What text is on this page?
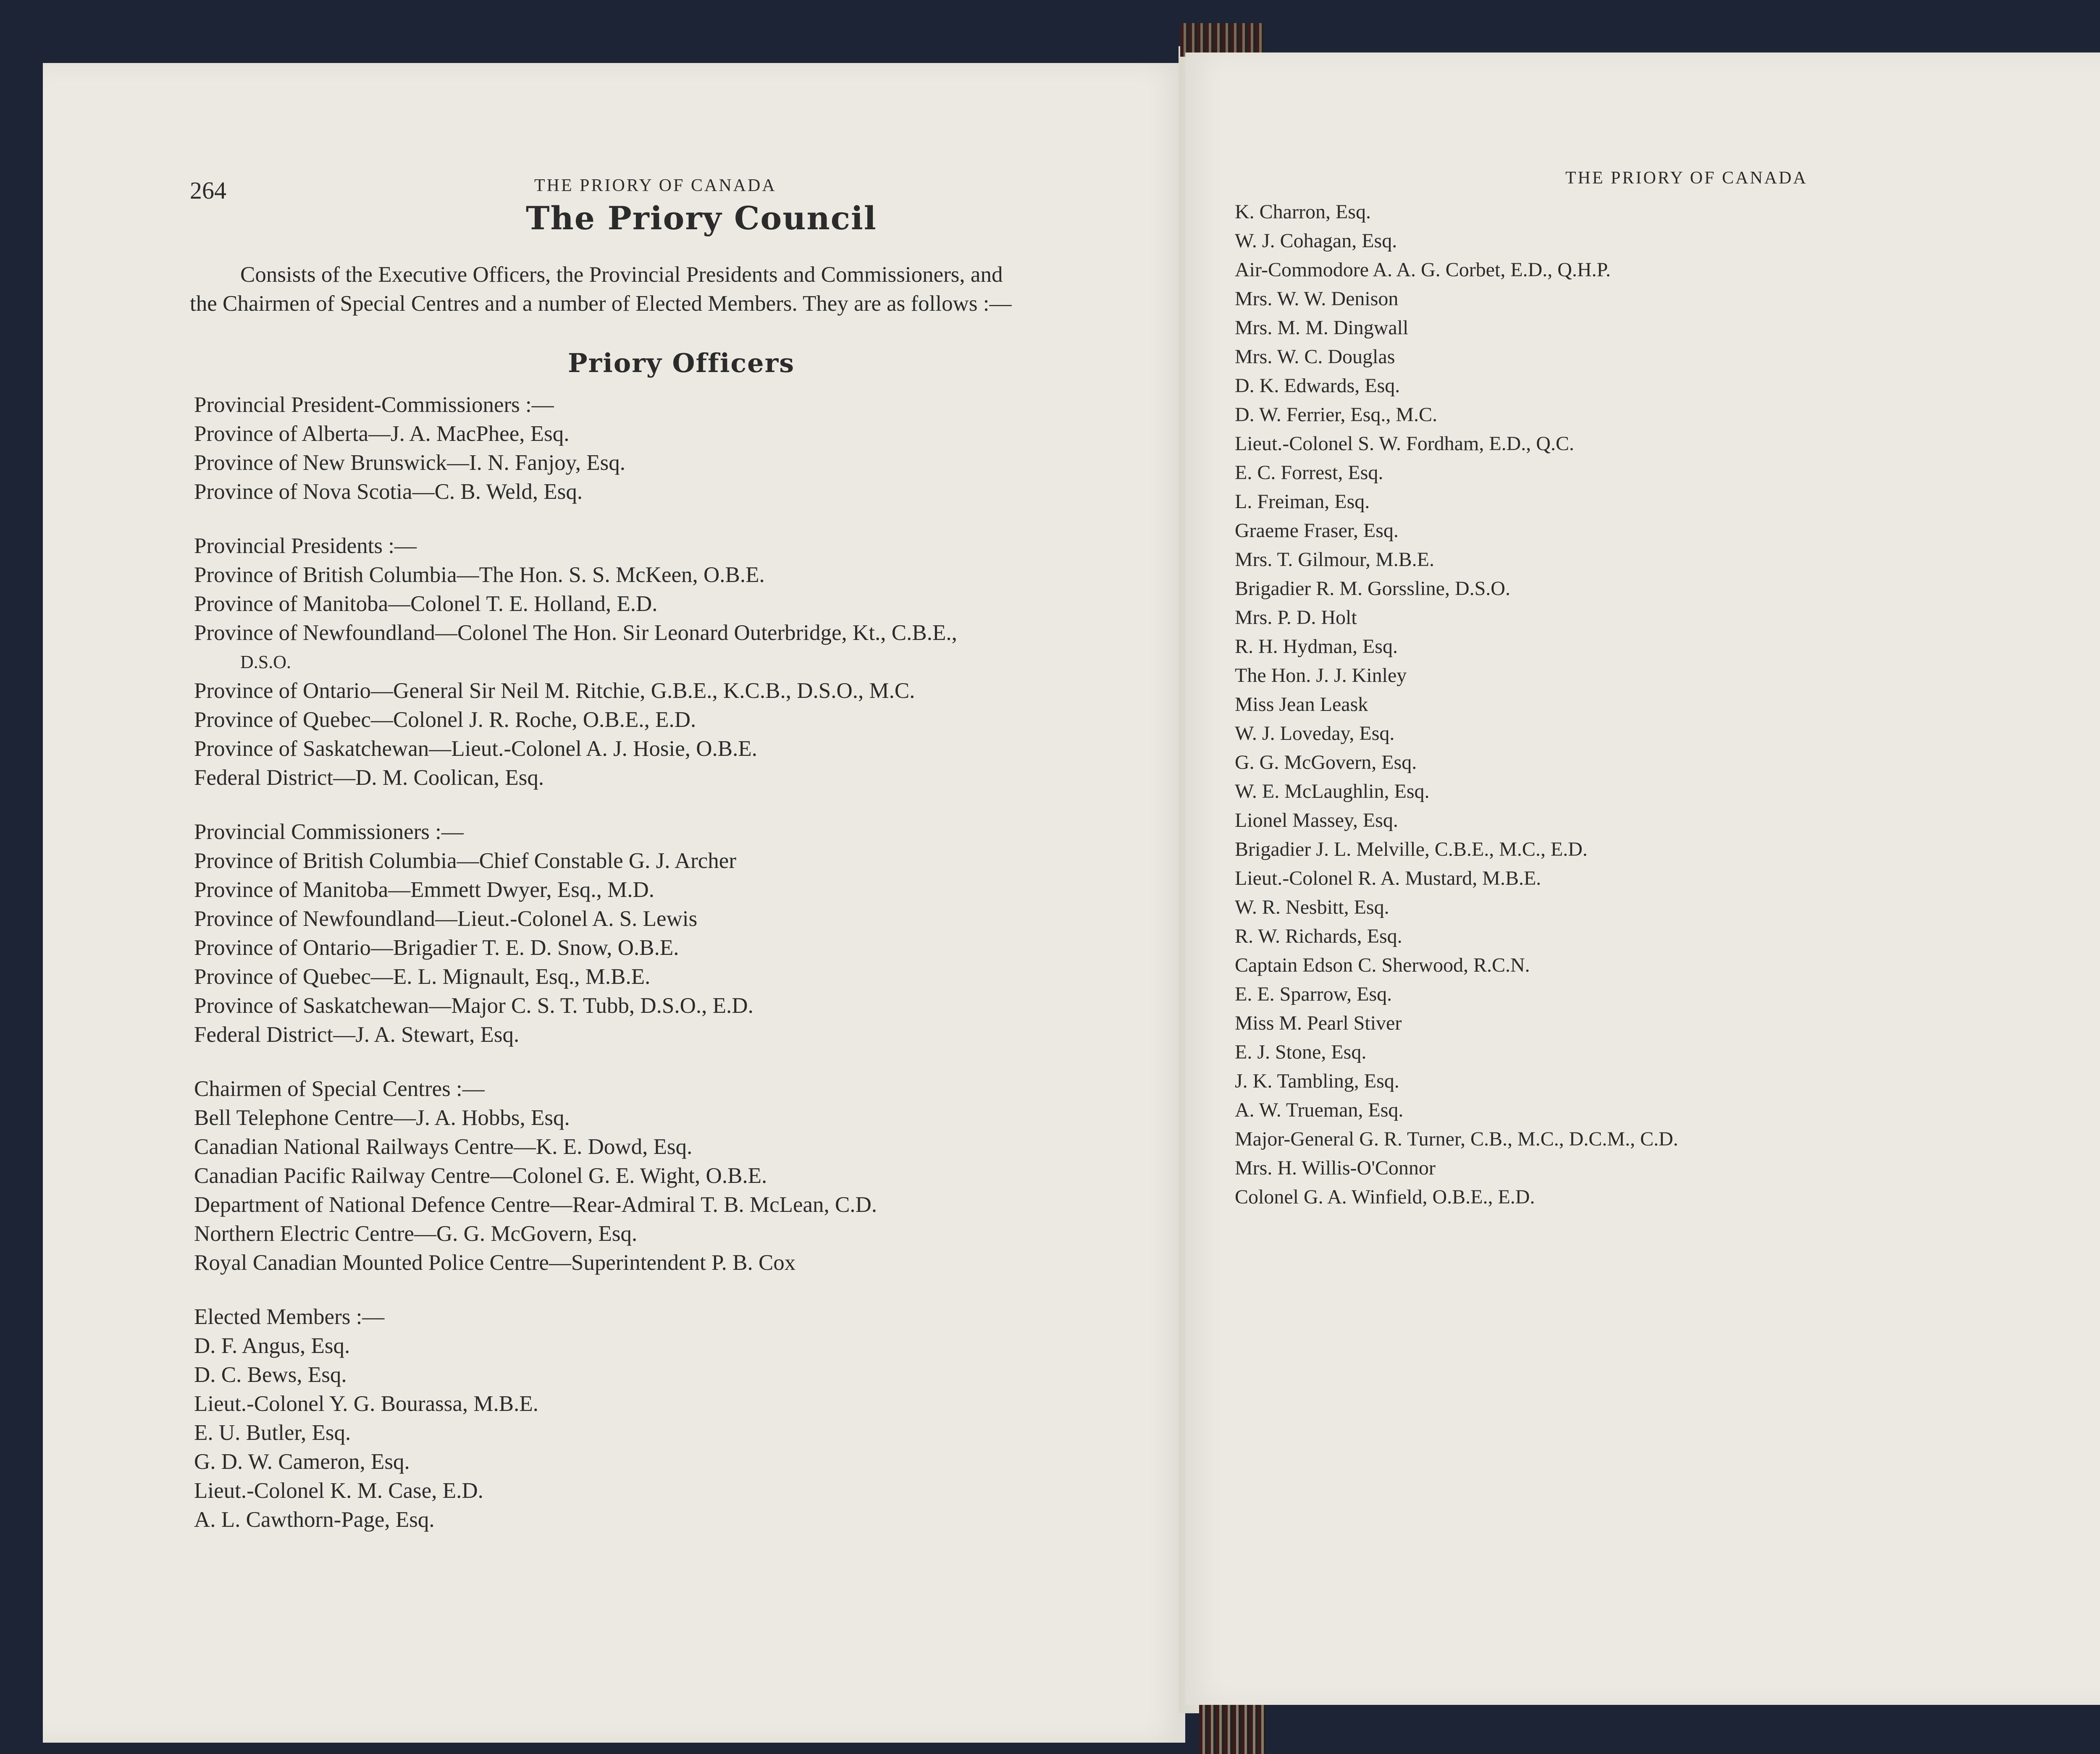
264	THE PRIORY OF CANADA
The Priory Council
Consists of the Executive Officers, the Provincial Presidents and Commissioners, and
the Chairmen of Special Centres and a number of Elected Members. They are as follows :—
Priory Officers
Provincial President-Commissioners :—
Province of Alberta—J. A. MacPhee, Esq.
Province of New Brunswick—I. N. Fanjoy, Esq.
Province of Nova Scotia—C. B. Weld, Esq.
Provincial Presidents :—
Province of British Columbia—The Hon. S. S. McKeen, O.B.E.
Province of Manitoba—Colonel T. E. Holland, E.D.
Province of Newfoundland—Colonel The Hon. Sir Leonard Outerbridge, Kt., C.B.E.,
D.S.O.
Province of Ontario—General Sir Neil M. Ritchie, G.B.E., K.C.B., D.S.O., M.C.
Province of Quebec—Colonel J. R. Roche, O.B.E., E.D.
Province of Saskatchewan—Lieut.-Colonel A. J. Hosie, O.B.E.
Federal District—D. M. Coolican, Esq.
Provincial Commissioners :—
Province of British Columbia—Chief Constable G. J. Archer
Province of Manitoba—Emmett Dwyer, Esq., M.D.
Province of Newfoundland—Lieut.-Colonel A. S. Lewis
Province of Ontario—Brigadier T. E. D. Snow, O.B.E.
Province of Quebec—E. L. Mignault, Esq., M.B.E.
Province of Saskatchewan—Major C. S. T. Tubb, D.S.O., E.D.
Federal District—J. A. Stewart, Esq.
Chairmen of Special Centres :—
Bell Telephone Centre—J. A. Hobbs, Esq.
Canadian National Railways Centre—K. E. Dowd, Esq.
Canadian Pacific Railway Centre—Colonel G. E. Wight, O.B.E.
Department of National Defence Centre—Rear-Admiral T. B. McLean, C.D.
Northern Electric Centre—G. G. McGovern, Esq.
Royal Canadian Mounted Police Centre—Superintendent P. B. Cox
Elected Members :—
D. F. Angus, Esq.
D. C. Bews, Esq.
Lieut.-Colonel Y. G. Bourassa, M.B.E.
E. U. Butler, Esq.
G. D. W. Cameron, Esq.
Lieut.-Colonel K. M. Case, E.D.
A. L. Cawthorn-Page, Esq.
THE PRIORY OF CANADA
K. Charron, Esq.
W. J. Cohagan, Esq.
Air-Commodore A. A. G. Corbet, E.D., Q.H.P.
Mrs. W. W. Denison
Mrs. M. M. Dingwall
Mrs. W. C. Douglas
D. K. Edwards, Esq.
D. W. Ferrier, Esq., M.C.
Lieut.-Colonel S. W. Fordham, E.D., Q.C.
E. C. Forrest, Esq.
L. Freiman, Esq.
Graeme Fraser, Esq.
Mrs. T. Gilmour, M.B.E.
Brigadier R. M. Gorssline, D.S.O.
Mrs. P. D. Holt
R. H. Hydman, Esq.
The Hon. J. J. Kinley
Miss Jean Leask
W. J. Loveday, Esq.
G. G. McGovern, Esq.
W. E. McLaughlin, Esq.
Lionel Massey, Esq.
Brigadier J. L. Melville, C.B.E., M.C., E.D.
Lieut.-Colonel R. A. Mustard, M.B.E.
W. R. Nesbitt, Esq.
R. W. Richards, Esq.
Captain Edson C. Sherwood, R.C.N.
E. E. Sparrow, Esq.
Miss M. Pearl Stiver
E. J. Stone, Esq.
J. K. Tambling, Esq.
A. W. Trueman, Esq.
Major-General G. R. Turner, C.B., M.C., D.C.M., C.D.
Mrs. H. Willis-O'Connor
Colonel G. A. Winfield, O.B.E., E.D.
